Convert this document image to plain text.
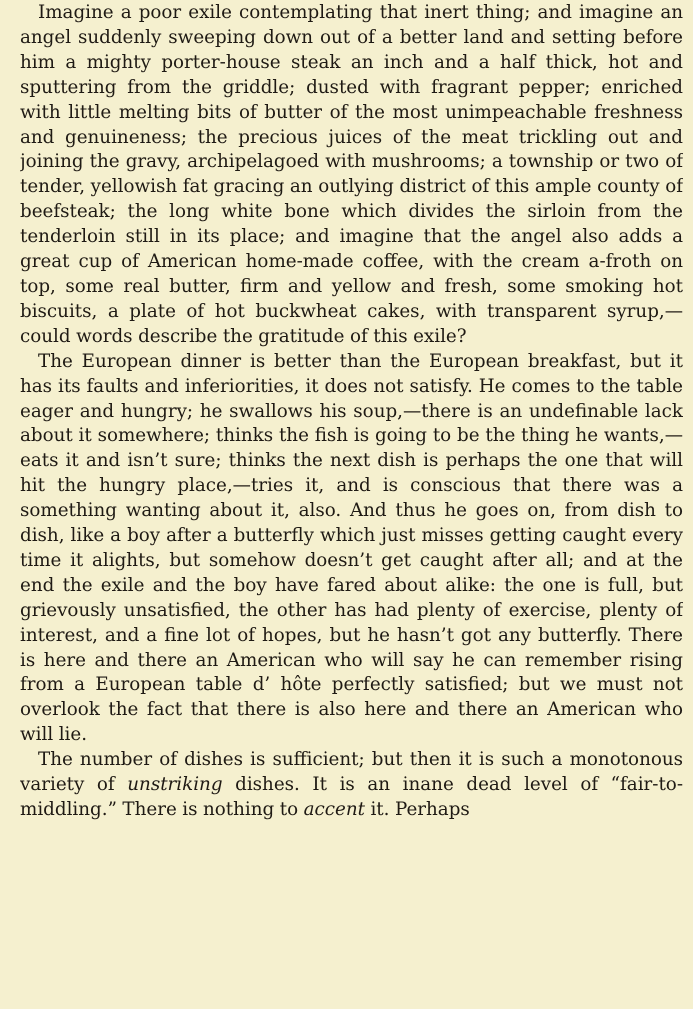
Imagine a poor exile contemplating that inert thing; and imagine an angel suddenly sweeping down out of a better land and setting before him a mighty porter-house steak an inch and a half thick, hot and sputtering from the griddle; dusted with fragrant pepper; enriched with little melting bits of butter of the most unimpeachable freshness and genuineness; the precious juices of the meat trickling out and joining the gravy, archipelagoed with mushrooms; a township or two of tender, yellowish fat gracing an outlying district of this ample county of beefsteak; the long white bone which divides the sirloin from the tenderloin still in its place; and imagine that the angel also adds a great cup of American home-made coffee, with the cream a-froth on top, some real butter, firm and yellow and fresh, some smoking hot biscuits, a plate of hot buckwheat cakes, with transparent syrup,—could words describe the gratitude of this exile?

The European dinner is better than the European breakfast, but it has its faults and inferiorities, it does not satisfy. He comes to the table eager and hungry; he swallows his soup,—there is an undefinable lack about it somewhere; thinks the fish is going to be the thing he wants,—eats it and isn’t sure; thinks the next dish is perhaps the one that will hit the hungry place,—tries it, and is conscious that there was a something wanting about it, also. And thus he goes on, from dish to dish, like a boy after a butterfly which just misses getting caught every time it alights, but somehow doesn’t get caught after all; and at the end the exile and the boy have fared about alike: the one is full, but grievously unsatisfied, the other has had plenty of exercise, plenty of interest, and a fine lot of hopes, but he hasn’t got any butterfly. There is here and there an American who will say he can remember rising from a European table d’ hôte perfectly satisfied; but we must not overlook the fact that there is also here and there an American who will lie.

The number of dishes is sufficient; but then it is such a monotonous variety of unstriking dishes. It is an inane dead level of “fair-to-middling.” There is nothing to accent it. Perhaps
